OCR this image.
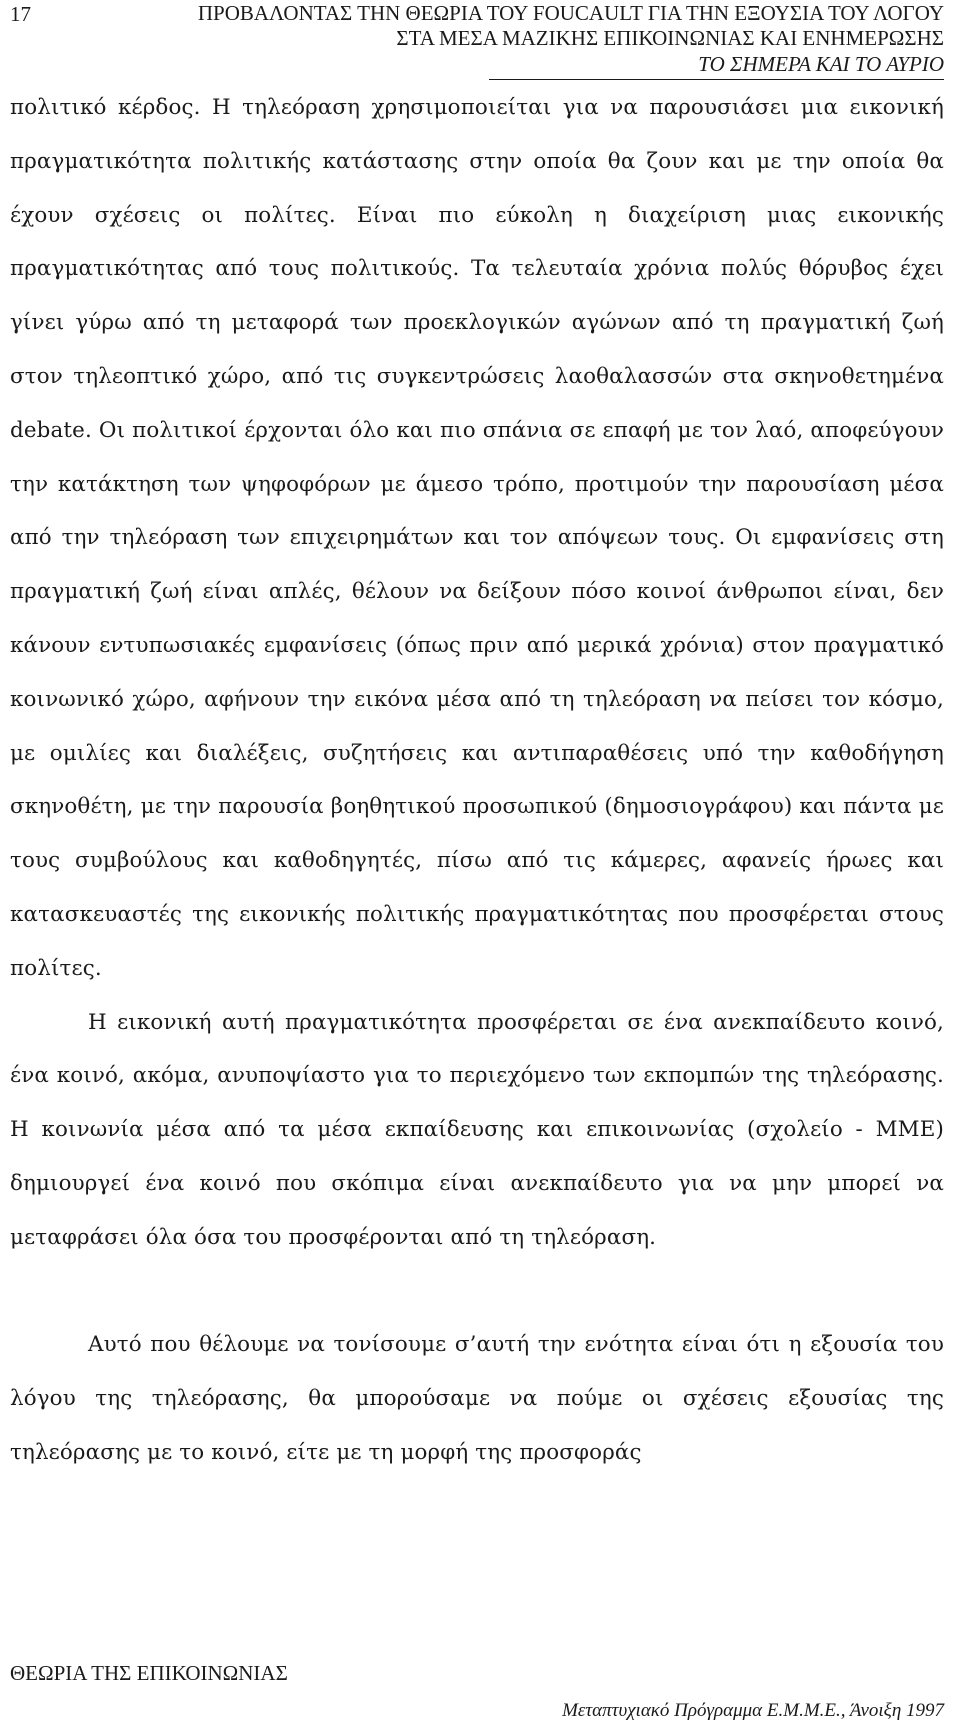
17	ΠΡΟΒΑΛΟΝΤΑΣ ΤΗΝ ΘΕΩΡΙΑ ΤΟΥ FOUCAULT ΓΙΑ ΤΗΝ ΕΞΟΥΣΙΑ ΤΟΥ ΛΟΓΟΥ
ΣΤΑ ΜΕΣΑ ΜΑΖΙΚΗΣ ΕΠΙΚΟΙΝΩΝΙΑΣ ΚΑΙ ΕΝΗΜΕΡΩΣΗΣ
ΤΟ ΣΗΜΕΡΑ ΚΑΙ ΤΟ ΑΥΡΙΟ

πολιτικό κέρδος. Η τηλεόραση χρησιμοποιείται για να παρουσιάσει μια εικονική πραγματικότητα πολιτικής κατάστασης στην οποία θα ζουν και με την οποία θα έχουν σχέσεις οι πολίτες. Είναι πιο εύκολη η διαχείριση μιας εικονικής πραγματικότητας από τους πολιτικούς. Τα τελευταία χρόνια πολύς θόρυβος έχει γίνει γύρω από τη μεταφορά των προεκλογικών αγώνων από τη πραγματική ζωή στον τηλεοπτικό χώρο, από τις συγκεντρώσεις λαοθαλασσών στα σκηνοθετημένα debate. Οι πολιτικοί έρχονται όλο και πιο σπάνια σε επαφή με τον λαό, αποφεύγουν την κατάκτηση των ψηφοφόρων με άμεσο τρόπο, προτιμούν την παρουσίαση μέσα από την τηλεόραση των επιχειρημάτων και τον απόψεων τους. Οι εμφανίσεις στη πραγματική ζωή είναι απλές, θέλουν να δείξουν πόσο κοινοί άνθρωποι είναι, δεν κάνουν εντυπωσιακές εμφανίσεις (όπως πριν από μερικά χρόνια) στον πραγματικό κοινωνικό χώρο, αφήνουν την εικόνα μέσα από τη τηλεόραση να πείσει τον κόσμο, με ομιλίες και διαλέξεις, συζητήσεις και αντιπαραθέσεις υπό την καθοδήγηση σκηνοθέτη, με την παρουσία βοηθητικού προσωπικού (δημοσιογράφου) και πάντα με τους συμβούλους και καθοδηγητές, πίσω από τις κάμερες, αφανείς ήρωες και κατασκευαστές της εικονικής πολιτικής πραγματικότητας που προσφέρεται στους πολίτες.

Η εικονική αυτή πραγματικότητα προσφέρεται σε ένα ανεκπαίδευτο κοινό, ένα κοινό, ακόμα, ανυποψίαστο για το περιεχόμενο των εκπομπών της τηλεόρασης. Η κοινωνία μέσα από τα μέσα εκπαίδευσης και επικοινωνίας (σχολείο - ΜΜΕ) δημιουργεί ένα κοινό που σκόπιμα είναι ανεκπαίδευτο για να μην μπορεί να μεταφράσει όλα όσα του προσφέρονται από τη τηλεόραση.

Αυτό που θέλουμε να τονίσουμε σ’αυτή την ενότητα είναι ότι η εξουσία του λόγου της τηλεόρασης, θα μπορούσαμε να πούμε οι σχέσεις εξουσίας της τηλεόρασης με το κοινό, είτε με τη μορφή της προσφοράς

ΘΕΩΡΙΑ ΤΗΣ ΕΠΙΚΟΙΝΩΝΙΑΣ
Μεταπτυχιακό Πρόγραμμα Ε.Μ.Μ.Ε., Άνοιξη 1997
